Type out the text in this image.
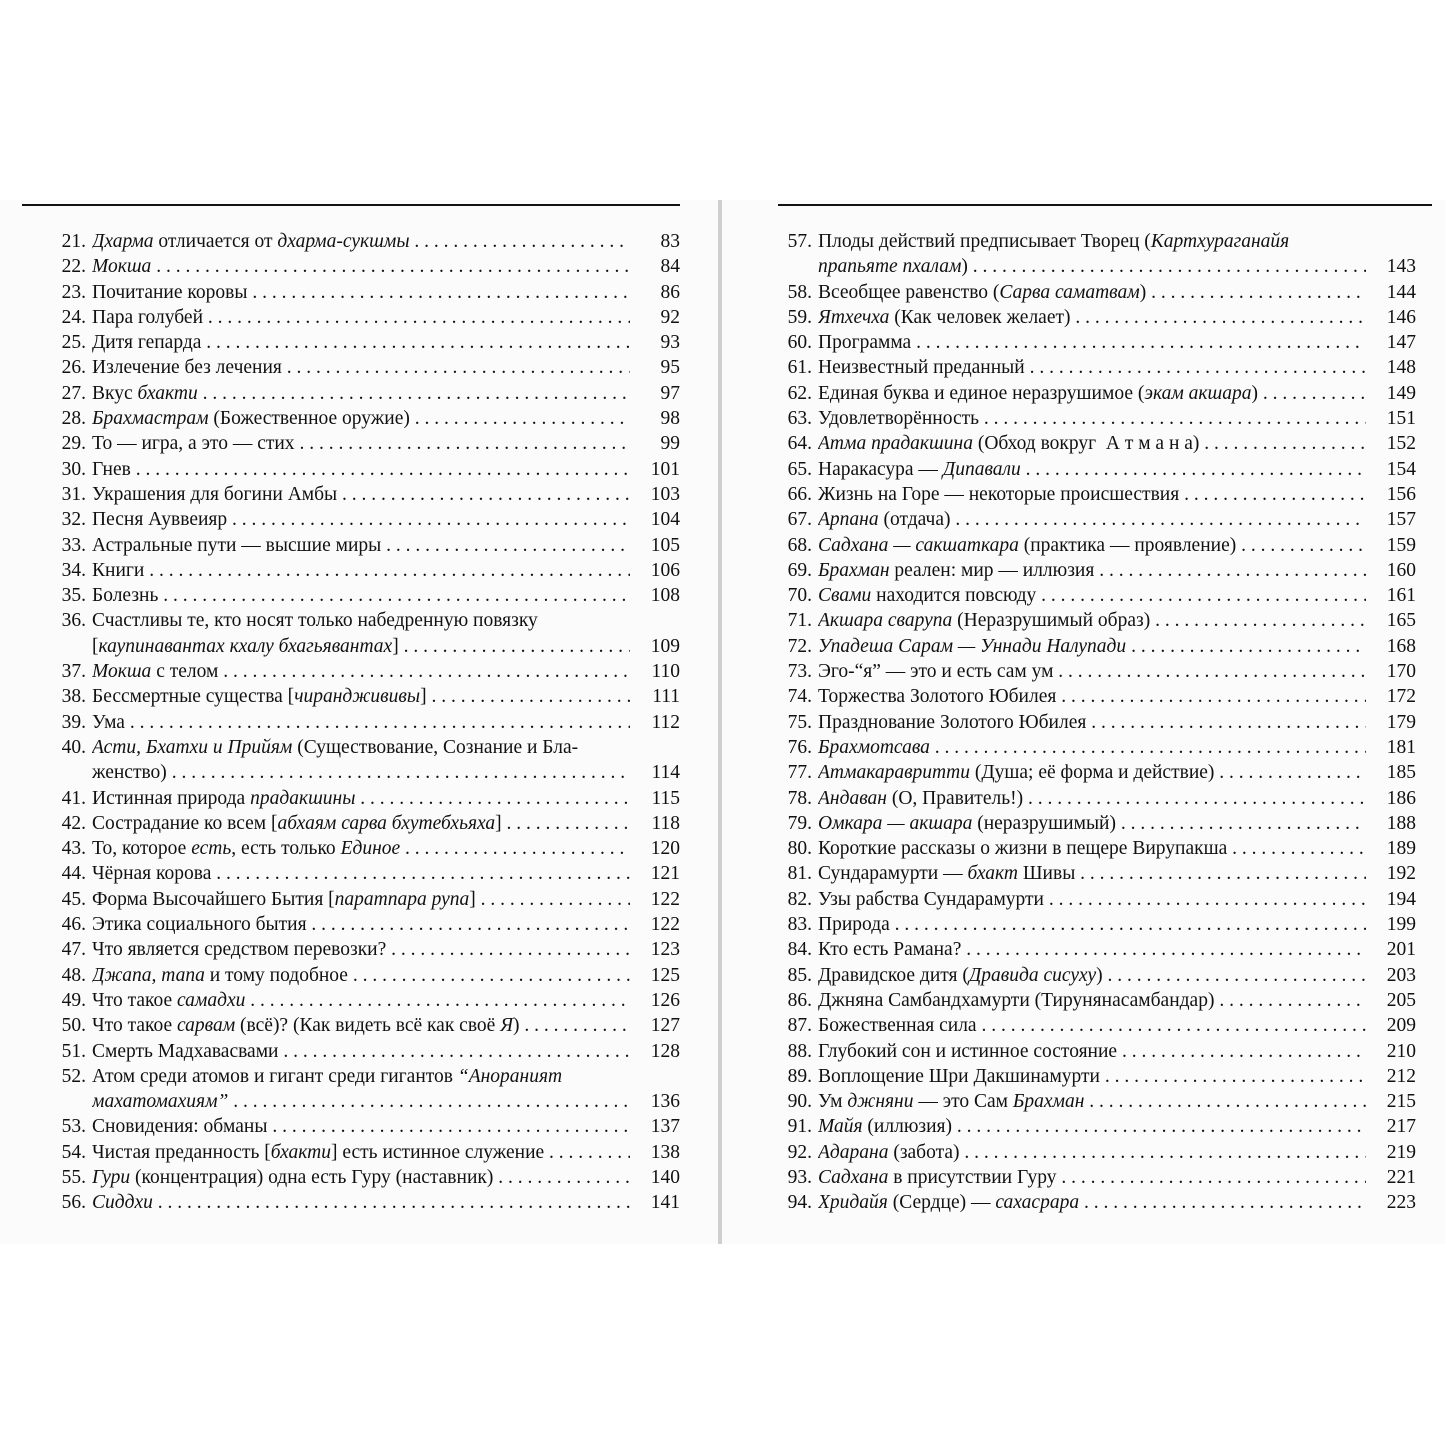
21. Дхарма отличается от дхарма-сукшмы . . .	83
22. Мокша . . .	84
23. Почитание коровы . . .	86
24. Пара голубей . . .	92
25. Дитя гепарда . . .	93
26. Излечение без лечения . . .	95
27. Вкус бхакти . . .	97
28. Брахмастрам (Божественное оружие) . . .	98
29. То — игра, а это — стих . . .	99
30. Гнев . . .	101
31. Украшения для богини Амбы . . .	103
32. Песня Ауввеияр . . .	104
33. Астральные пути — высшие миры . . .	105
34. Книги . . .	106
35. Болезнь . . .	108
36. Счастливы те, кто носят только набедренную повязку
[каупинавантах кхалу бхагьявантах] . . .	109
37. Мокша с телом . . .	110
38. Бессмертные существа [чиранджививы] . . .	111
39. Ума . . .	112
40. Асти, Бхатхи и Прийям (Существование, Сознание и Бла-
женство) . . .	114
41. Истинная природа прадакшины . . .	115
42. Сострадание ко всем [абхаям сарва бхутебхьяха] . . .	118
43. То, которое есть, есть только Единое . . .	120
44. Чёрная корова . . .	121
45. Форма Высочайшего Бытия [паратпара рупа] . . .	122
46. Этика социального бытия . . .	122
47. Что является средством перевозки? . . .	123
48. Джапа, тапа и тому подобное . . .	125
49. Что такое самадхи . . .	126
50. Что такое сарвам (всё)? (Как видеть всё как своё Я) . . .	127
51. Смерть Мадхавасвами . . .	128
52. Атом среди атомов и гигант среди гигантов “Аноранияm
махатомахиям” . . .	136
53. Сновидения: обманы . . .	137
54. Чистая преданность [бхакти] есть истинное служение . . .	138
55. Гури (концентрация) одна есть Гуру (наставник) . . .	140
56. Сиддхи . . .	141
57. Плоды действий предписывает Творец (Картхураганайя
прапьяте пхалам) . . .	143
58. Всеобщее равенство (Сарва саматвам) . . .	144
59. Ятхечха (Как человек желает) . . .	146
60. Программа . . .	147
61. Неизвестный преданный . . .	148
62. Единая буква и единое неразрушимое (экам акшара) . . .	149
63. Удовлетворённость . . .	151
64. Атма прадакшина (Обход вокруг  А т м а н а) . . .	152
65. Наракасура — Дипавали . . .	154
66. Жизнь на Горе — некоторые происшествия . . .	156
67. Арпана (отдача) . . .	157
68. Садхана — сакшаткара (практика — проявление) . . .	159
69. Брахман реален: мир — иллюзия . . .	160
70. Свами находится повсюду . . .	161
71. Акшара сварупа (Неразрушимый образ) . . .	165
72. Упадеша Сарам — Уннади Налупади . . .	168
73. Эго-“я” — это и есть сам ум . . .	170
74. Торжества Золотого Юбилея . . .	172
75. Празднование Золотого Юбилея . . .	179
76. Брахмотсава . . .	181
77. Атмакаравритти (Душа; её форма и действие) . . .	185
78. Андаван (О, Правитель!) . . .	186
79. Омкара — акшара (неразрушимый) . . .	188
80. Короткие рассказы о жизни в пещере Вирупакша . . .	189
81. Сундарамурти — бхакт Шивы . . .	192
82. Узы рабства Сундарамурти . . .	194
83. Природа . . .	199
84. Кто есть Рамана? . . .	201
85. Дравидское дитя (Дравида сисуху) . . .	203
86. Джняна Самбандхамурти (Тирунянасамбандар) . . .	205
87. Божественная сила . . .	209
88. Глубокий сон и истинное состояние . . .	210
89. Воплощение Шри Дакшинамурти . . .	212
90. Ум джняни — это Сам Брахман . . .	215
91. Майя (иллюзия) . . .	217
92. Адарана (забота) . . .	219
93. Садхана в присутствии Гуру . . .	221
94. Хридайя (Сердце) — сахасрара . . .	223
